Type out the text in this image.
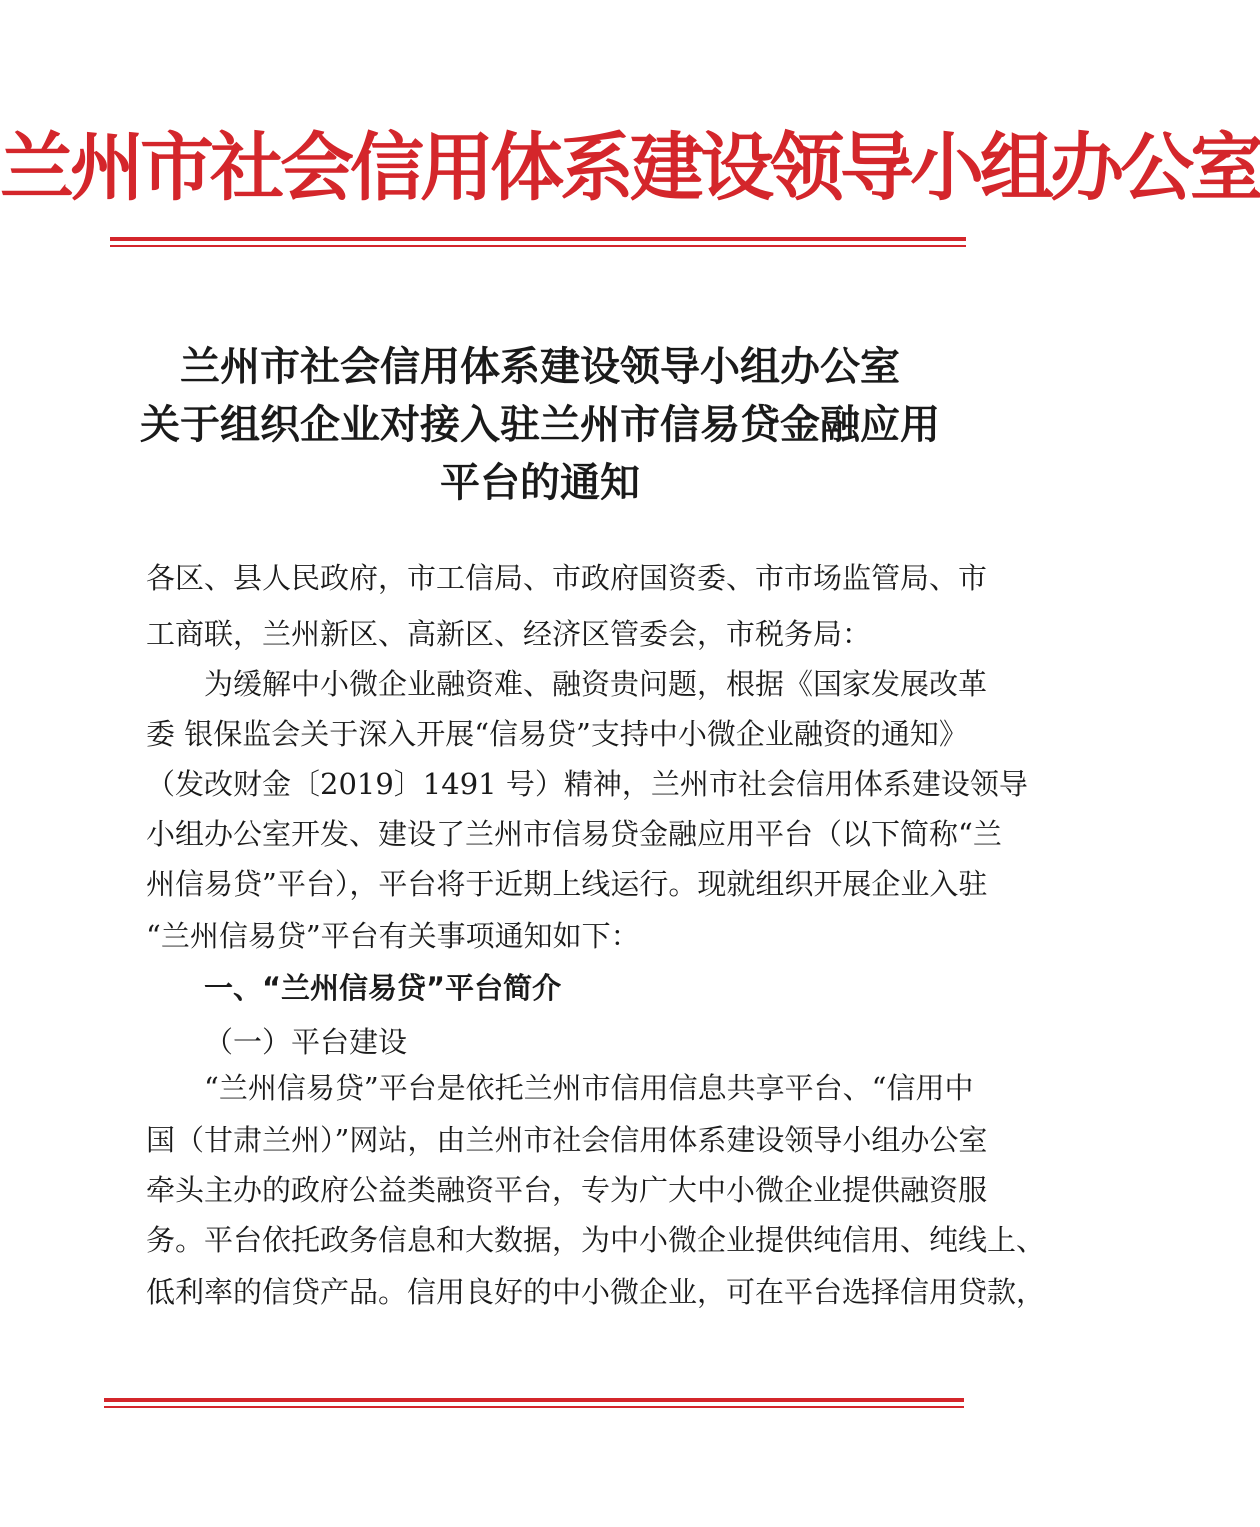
兰州市社会信用体系建设领导小组办公室
兰州市社会信用体系建设领导小组办公室
关于组织企业对接入驻兰州市信易贷金融应用
平台的通知
各区、县人民政府，市工信局、市政府国资委、市市场监管局、市
工商联，兰州新区、高新区、经济区管委会，市税务局：
为缓解中小微企业融资难、融资贵问题，根据《国家发展改革
委 银保监会关于深入开展“信易贷”支持中小微企业融资的通知》
（发改财金〔2019〕1491 号）精神，兰州市社会信用体系建设领导
小组办公室开发、建设了兰州市信易贷金融应用平台（以下简称“兰
州信易贷”平台），平台将于近期上线运行。现就组织开展企业入驻
“兰州信易贷”平台有关事项通知如下：
一、“兰州信易贷”平台简介
（一）平台建设
“兰州信易贷”平台是依托兰州市信用信息共享平台、“信用中
国（甘肃兰州）”网站，由兰州市社会信用体系建设领导小组办公室
牵头主办的政府公益类融资平台，专为广大中小微企业提供融资服
务。平台依托政务信息和大数据，为中小微企业提供纯信用、纯线上、
低利率的信贷产品。信用良好的中小微企业，可在平台选择信用贷款，
